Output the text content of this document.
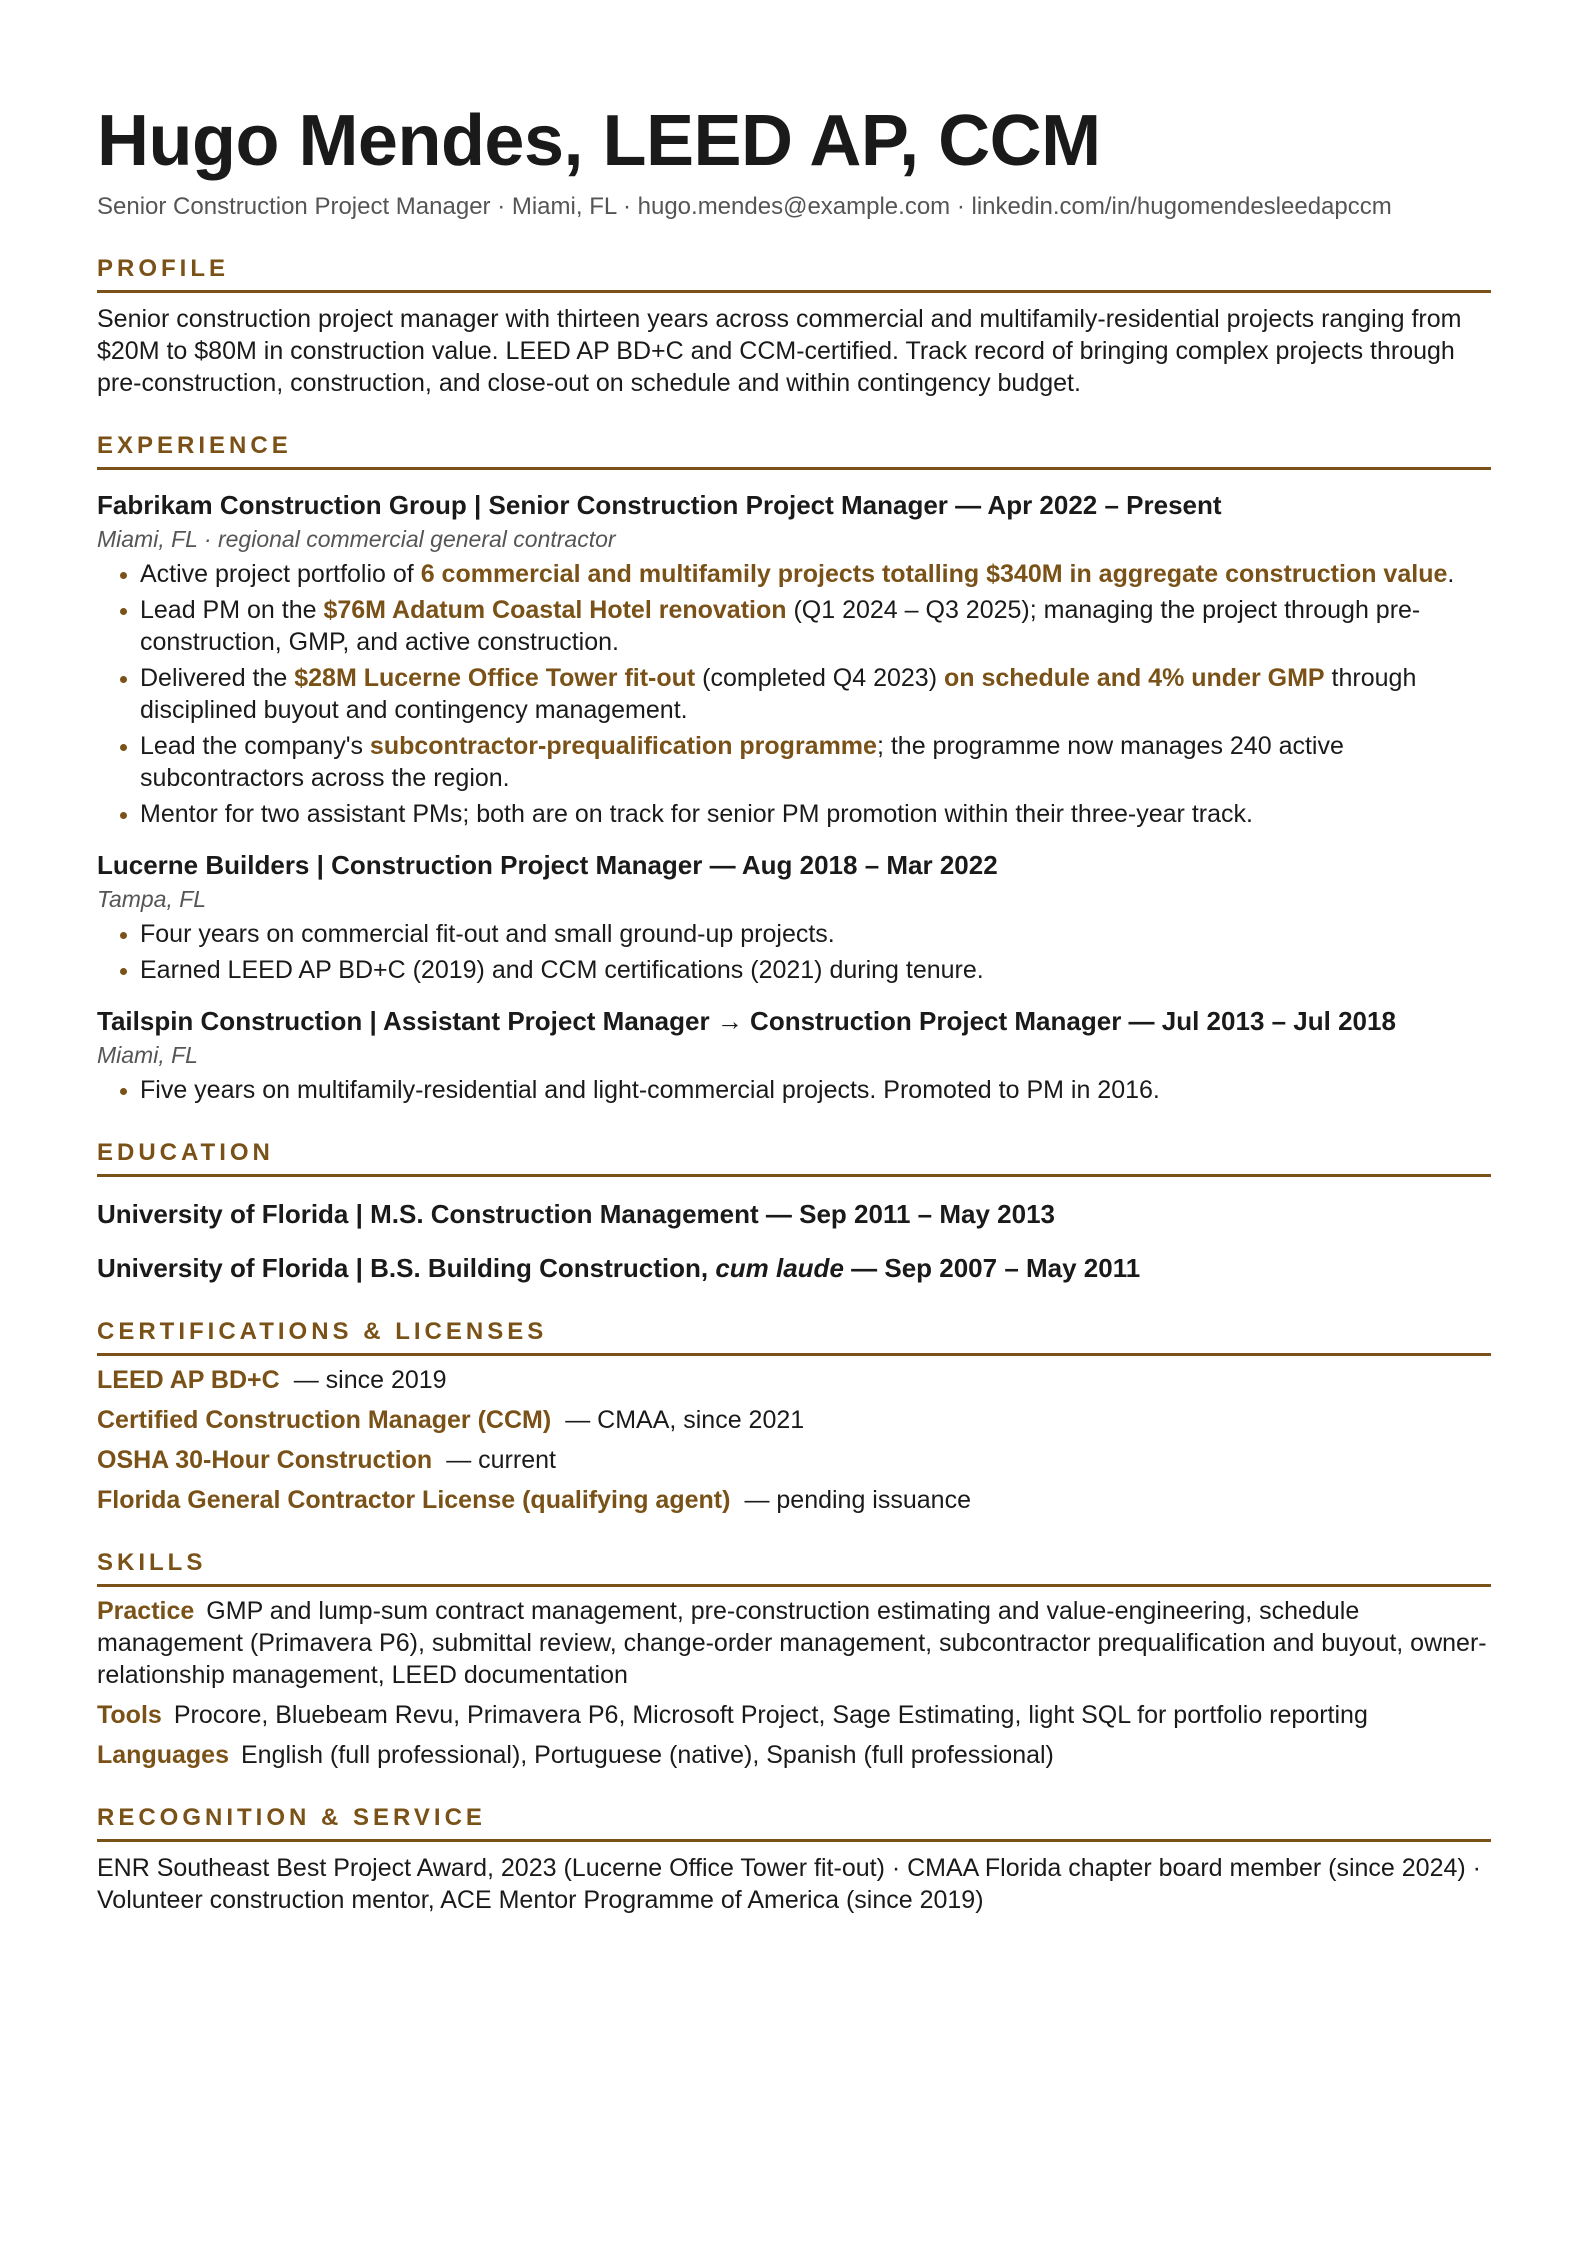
Hugo Mendes, LEED AP, CCM
Senior Construction Project Manager · Miami, FL · hugo.mendes@example.com · linkedin.com/in/hugomendesleedapccm
PROFILE
Senior construction project manager with thirteen years across commercial and multifamily-residential projects ranging from $20M to $80M in construction value. LEED AP BD+C and CCM-certified. Track record of bringing complex projects through pre-construction, construction, and close-out on schedule and within contingency budget.
EXPERIENCE
Fabrikam Construction Group | Senior Construction Project Manager — Apr 2022 – Present
Miami, FL · regional commercial general contractor
• Active project portfolio of 6 commercial and multifamily projects totalling $340M in aggregate construction value.
• Lead PM on the $76M Adatum Coastal Hotel renovation (Q1 2024 – Q3 2025); managing the project through pre-construction, GMP, and active construction.
• Delivered the $28M Lucerne Office Tower fit-out (completed Q4 2023) on schedule and 4% under GMP through disciplined buyout and contingency management.
• Lead the company's subcontractor-prequalification programme; the programme now manages 240 active subcontractors across the region.
• Mentor for two assistant PMs; both are on track for senior PM promotion within their three-year track.
Lucerne Builders | Construction Project Manager — Aug 2018 – Mar 2022
Tampa, FL
• Four years on commercial fit-out and small ground-up projects.
• Earned LEED AP BD+C (2019) and CCM certifications (2021) during tenure.
Tailspin Construction | Assistant Project Manager → Construction Project Manager — Jul 2013 – Jul 2018
Miami, FL
• Five years on multifamily-residential and light-commercial projects. Promoted to PM in 2016.
EDUCATION
University of Florida | M.S. Construction Management — Sep 2011 – May 2013
University of Florida | B.S. Building Construction, cum laude — Sep 2007 – May 2011
CERTIFICATIONS & LICENSES
LEED AP BD+C — since 2019
Certified Construction Manager (CCM) — CMAA, since 2021
OSHA 30-Hour Construction — current
Florida General Contractor License (qualifying agent) — pending issuance
SKILLS
Practice GMP and lump-sum contract management, pre-construction estimating and value-engineering, schedule management (Primavera P6), submittal review, change-order management, subcontractor prequalification and buyout, owner-relationship management, LEED documentation
Tools Procore, Bluebeam Revu, Primavera P6, Microsoft Project, Sage Estimating, light SQL for portfolio reporting
Languages English (full professional), Portuguese (native), Spanish (full professional)
RECOGNITION & SERVICE
ENR Southeast Best Project Award, 2023 (Lucerne Office Tower fit-out) · CMAA Florida chapter board member (since 2024) · Volunteer construction mentor, ACE Mentor Programme of America (since 2019)
